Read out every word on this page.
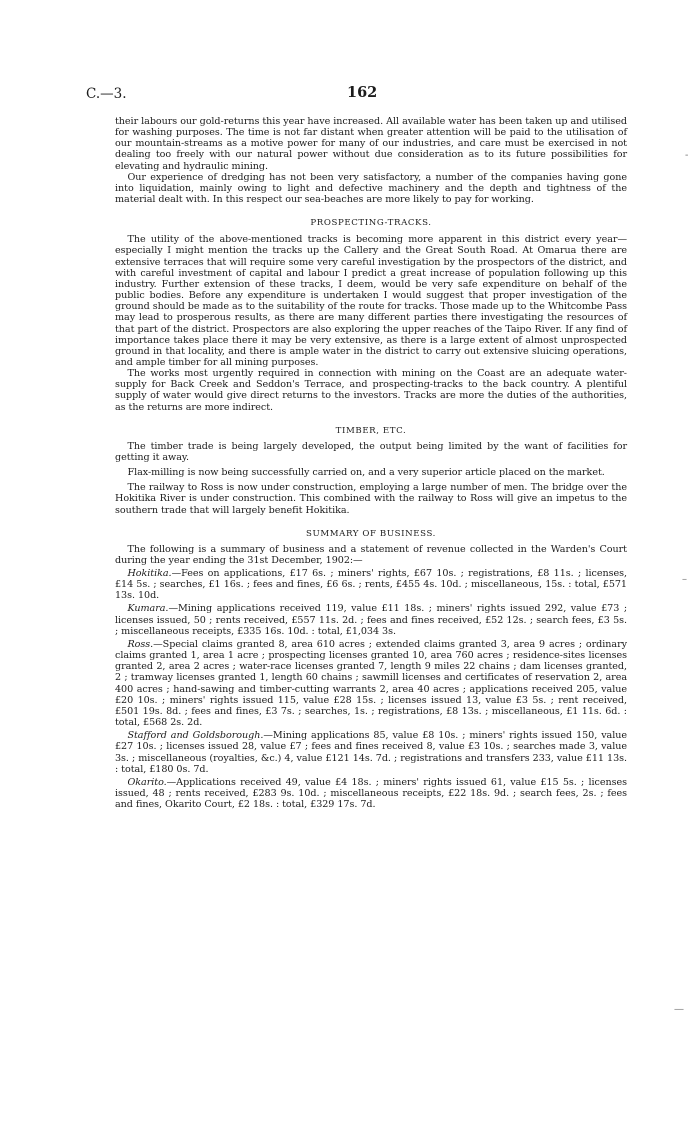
C.—3.	162

their labours our gold-returns this year have increased. All available water has been taken up and utilised for washing purposes. The time is not far distant when greater attention will be paid to the utilisation of our mountain-streams as a motive power for many of our industries, and care must be exercised in not dealing too freely with our natural power without due consideration as to its future possibilities for elevating and hydraulic mining.

Our experience of dredging has not been very satisfactory, a number of the companies having gone into liquidation, mainly owing to light and defective machinery and the depth and tightness of the material dealt with. In this respect our sea-beaches are more likely to pay for working.

PROSPECTING-TRACKS.

The utility of the above-mentioned tracks is becoming more apparent in this district every year—especially I might mention the tracks up the Callery and the Great South Road. At Omarua there are extensive terraces that will require some very careful investigation by the prospectors of the district, and with careful investment of capital and labour I predict a great increase of population following up this industry. Further extension of these tracks, I deem, would be very safe expenditure on behalf of the public bodies. Before any expenditure is undertaken I would suggest that proper investigation of the ground should be made as to the suitability of the route for tracks. Those made up to the Whitcombe Pass may lead to prosperous results, as there are many different parties there investigating the resources of that part of the district. Prospectors are also exploring the upper reaches of the Taipo River. If any find of importance takes place there it may be very extensive, as there is a large extent of almost unprospected ground in that locality, and there is ample water in the district to carry out extensive sluicing operations, and ample timber for all mining purposes.

The works most urgently required in connection with mining on the Coast are an adequate water-supply for Back Creek and Seddon's Terrace, and prospecting-tracks to the back country. A plentiful supply of water would give direct returns to the investors. Tracks are more the duties of the authorities, as the returns are more indirect.

TIMBER, ETC.

The timber trade is being largely developed, the output being limited by the want of facilities for getting it away.

Flax-milling is now being successfully carried on, and a very superior article placed on the market.

The railway to Ross is now under construction, employing a large number of men. The bridge over the Hokitika River is under construction. This combined with the railway to Ross will give an impetus to the southern trade that will largely benefit Hokitika.

SUMMARY OF BUSINESS.

The following is a summary of business and a statement of revenue collected in the Warden's Court during the year ending the 31st December, 1902:—

Hokitika.—Fees on applications, £17 6s. ; miners' rights, £67 10s. ; registrations, £8 11s. ; licenses, £14 5s. ; searches, £1 16s. ; fees and fines, £6 6s. ; rents, £455 4s. 10d. ; miscellaneous, 15s. : total, £571 13s. 10d.

Kumara.—Mining applications received 119, value £11 18s. ; miners' rights issued 292, value £73 ; licenses issued, 50 ; rents received, £557 11s. 2d. ; fees and fines received, £52 12s. ; search fees, £3 5s. ; miscellaneous receipts, £335 16s. 10d. : total, £1,034 3s.

Ross.—Special claims granted 8, area 610 acres ; extended claims granted 3, area 9 acres ; ordinary claims granted 1, area 1 acre ; prospecting licenses granted 10, area 760 acres ; residence-sites licenses granted 2, area 2 acres ; water-race licenses granted 7, length 9 miles 22 chains ; dam licenses granted, 2 ; tramway licenses granted 1, length 60 chains ; sawmill licenses and certificates of reservation 2, area 400 acres ; hand-sawing and timber-cutting warrants 2, area 40 acres ; applications received 205, value £20 10s. ; miners' rights issued 115, value £28 15s. ; licenses issued 13, value £3 5s. ; rent received, £501 19s. 8d. ; fees and fines, £3 7s. ; searches, 1s. ; registrations, £8 13s. ; miscellaneous, £1 11s. 6d. : total, £568 2s. 2d.

Stafford and Goldsborough.—Mining applications 85, value £8 10s. ; miners' rights issued 150, value £27 10s. ; licenses issued 28, value £7 ; fees and fines received 8, value £3 10s. ; searches made 3, value 3s. ; miscellaneous (royalties, &c.) 4, value £121 14s. 7d. ; registrations and transfers 233, value £11 13s. : total, £180 0s. 7d.

Okarito.—Applications received 49, value £4 18s. ; miners' rights issued 61, value £15 5s. ; licenses issued, 48 ; rents received, £283 9s. 10d. ; miscellaneous receipts, £22 18s. 9d. ; search fees, 2s. ; fees and fines, Okarito Court, £2 18s. : total, £329 17s. 7d.

-
–
—
